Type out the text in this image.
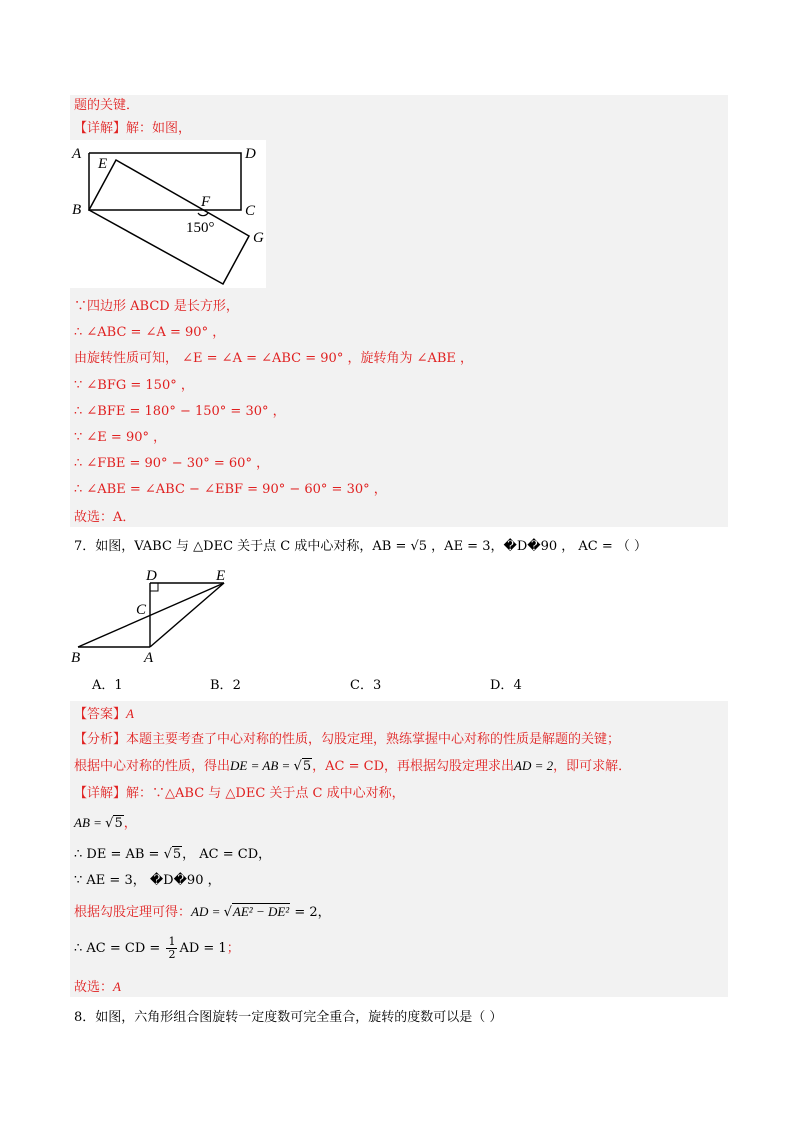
题的关键．
【详解】解：如图，
A	D
E
B	F
C
G
150°
∵四边形 ABCD 是长方形，
∴ ∠ABC = ∠A = 90° ，
由旋转性质可知， ∠E = ∠A = ∠ABC = 90° ，旋转角为 ∠ABE ，
∵ ∠BFG = 150° ，
∴ ∠BFE = 180° − 150° = 30° ，
∵ ∠E = 90° ，
∴ ∠FBE = 90° − 30° = 60° ，
∴ ∠ABE = ∠ABC − ∠EBF = 90° − 60° = 30° ，
故选：A．
7．如图，VABC 与 △DEC 关于点 C 成中心对称，AB = √5 ，AE = 3，�D�90 ， AC = （ ）
D	E
C
B	A
A．1	B．2	C．3	D．4
【答案】A
【分析】本题主要考查了中心对称的性质，勾股定理，熟练掌握中心对称的性质是解题的关键；
根据中心对称的性质，得出DE = AB = √5，AC = CD，再根据勾股定理求出AD = 2，即可求解．
【详解】解：∵△ABC 与 △DEC 关于点 C 成中心对称，
AB = √5，
∴ DE = AB = √5， AC = CD，
∵ AE = 3， �D�90 ，
根据勾股定理可得：AD = √AE² − DE² = 2，
∴ AC = CD = $\frac{1}{2}$ AD = 1；
故选：A
8．如图，六角形组合图旋转一定度数可完全重合，旋转的度数可以是（ ）
